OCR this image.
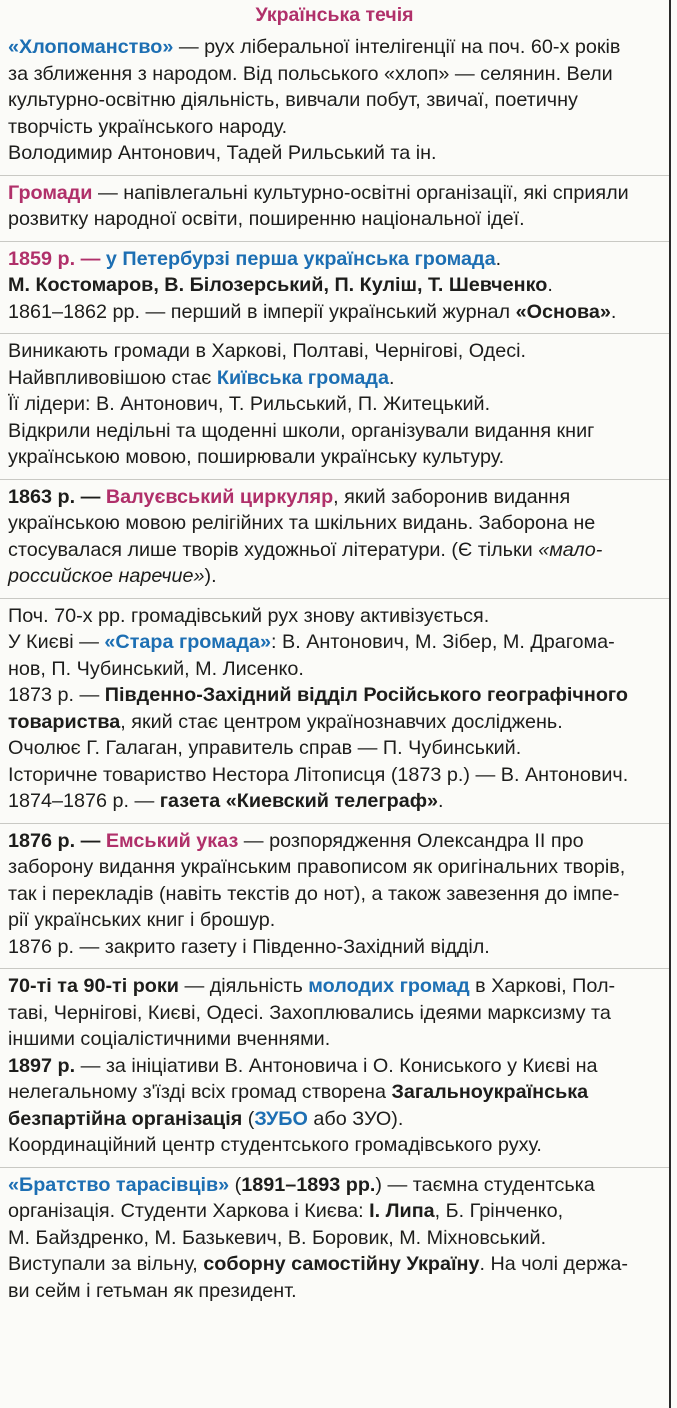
Українська течія
«Хлопоманство» — рух ліберальної інтелігенції на поч. 60-х років
за зближення з народом. Від польського «хлоп» — селянин. Вели
культурно-освітню діяльність, вивчали побут, звичаї, поетичну
творчість українського народу.
Володимир Антонович, Тадей Рильський та ін.
Громади — напівлегальні культурно-освітні організації, які сприяли
розвитку народної освіти, поширенню національної ідеї.
1859 р. — у Петербурзі перша українська громада.
М. Костомаров, В. Білозерський, П. Куліш, Т. Шевченко.
1861–1862 рр. — перший в імперії український журнал «Основа».
Виникають громади в Харкові, Полтаві, Чернігові, Одесі.
Найвпливовішою стає Київська громада.
Її лідери: В. Антонович, Т. Рильський, П. Житецький.
Відкрили недільні та щоденні школи, організували видання книг
українською мовою, поширювали українську культуру.
1863 р. — Валуєвський циркуляр, який заборонив видання
українською мовою релігійних та шкільних видань. Заборона не
стосувалася лише творів художньої літератури. (Є тільки «мало-
российское наречие»).
Поч. 70-х рр. громадівський рух знову активізується.
У Києві — «Стара громада»: В. Антонович, М. Зібер, М. Драгома-
нов, П. Чубинський, М. Лисенко.
1873 р. — Південно-Західний відділ Російського географічного
товариства, який стає центром українознавчих досліджень.
Очолює Г. Галаган, управитель справ — П. Чубинський.
Історичне товариство Нестора Літописця (1873 р.) — В. Антонович.
1874–1876 р. — газета «Киевский телеграф».
1876 р. — Емський указ — розпорядження Олександра II про
заборону видання українським правописом як оригінальних творів,
так і перекладів (навіть текстів до нот), а також завезення до імпе-
рії українських книг і брошур.
1876 р. — закрито газету і Південно-Західний відділ.
70-ті та 90-ті роки — діяльність молодих громад в Харкові, Пол-
таві, Чернігові, Києві, Одесі. Захоплювались ідеями марксизму та
іншими соціалістичними вченнями.
1897 р. — за ініціативи В. Антоновича і О. Кониського у Києві на
нелегальному з'їзді всіх громад створена Загальноукраїнська
безпартійна організація (ЗУБО або ЗУО).
Координаційний центр студентського громадівського руху.
«Братство тарасівців» (1891–1893 рр.) — таємна студентська
організація. Студенти Харкова і Києва: І. Липа, Б. Грінченко,
М. Байздренко, М. Базькевич, В. Боровик, М. Міхновський.
Виступали за вільну, соборну самостійну Україну. На чолі держа-
ви сейм і гетьман як президент.
